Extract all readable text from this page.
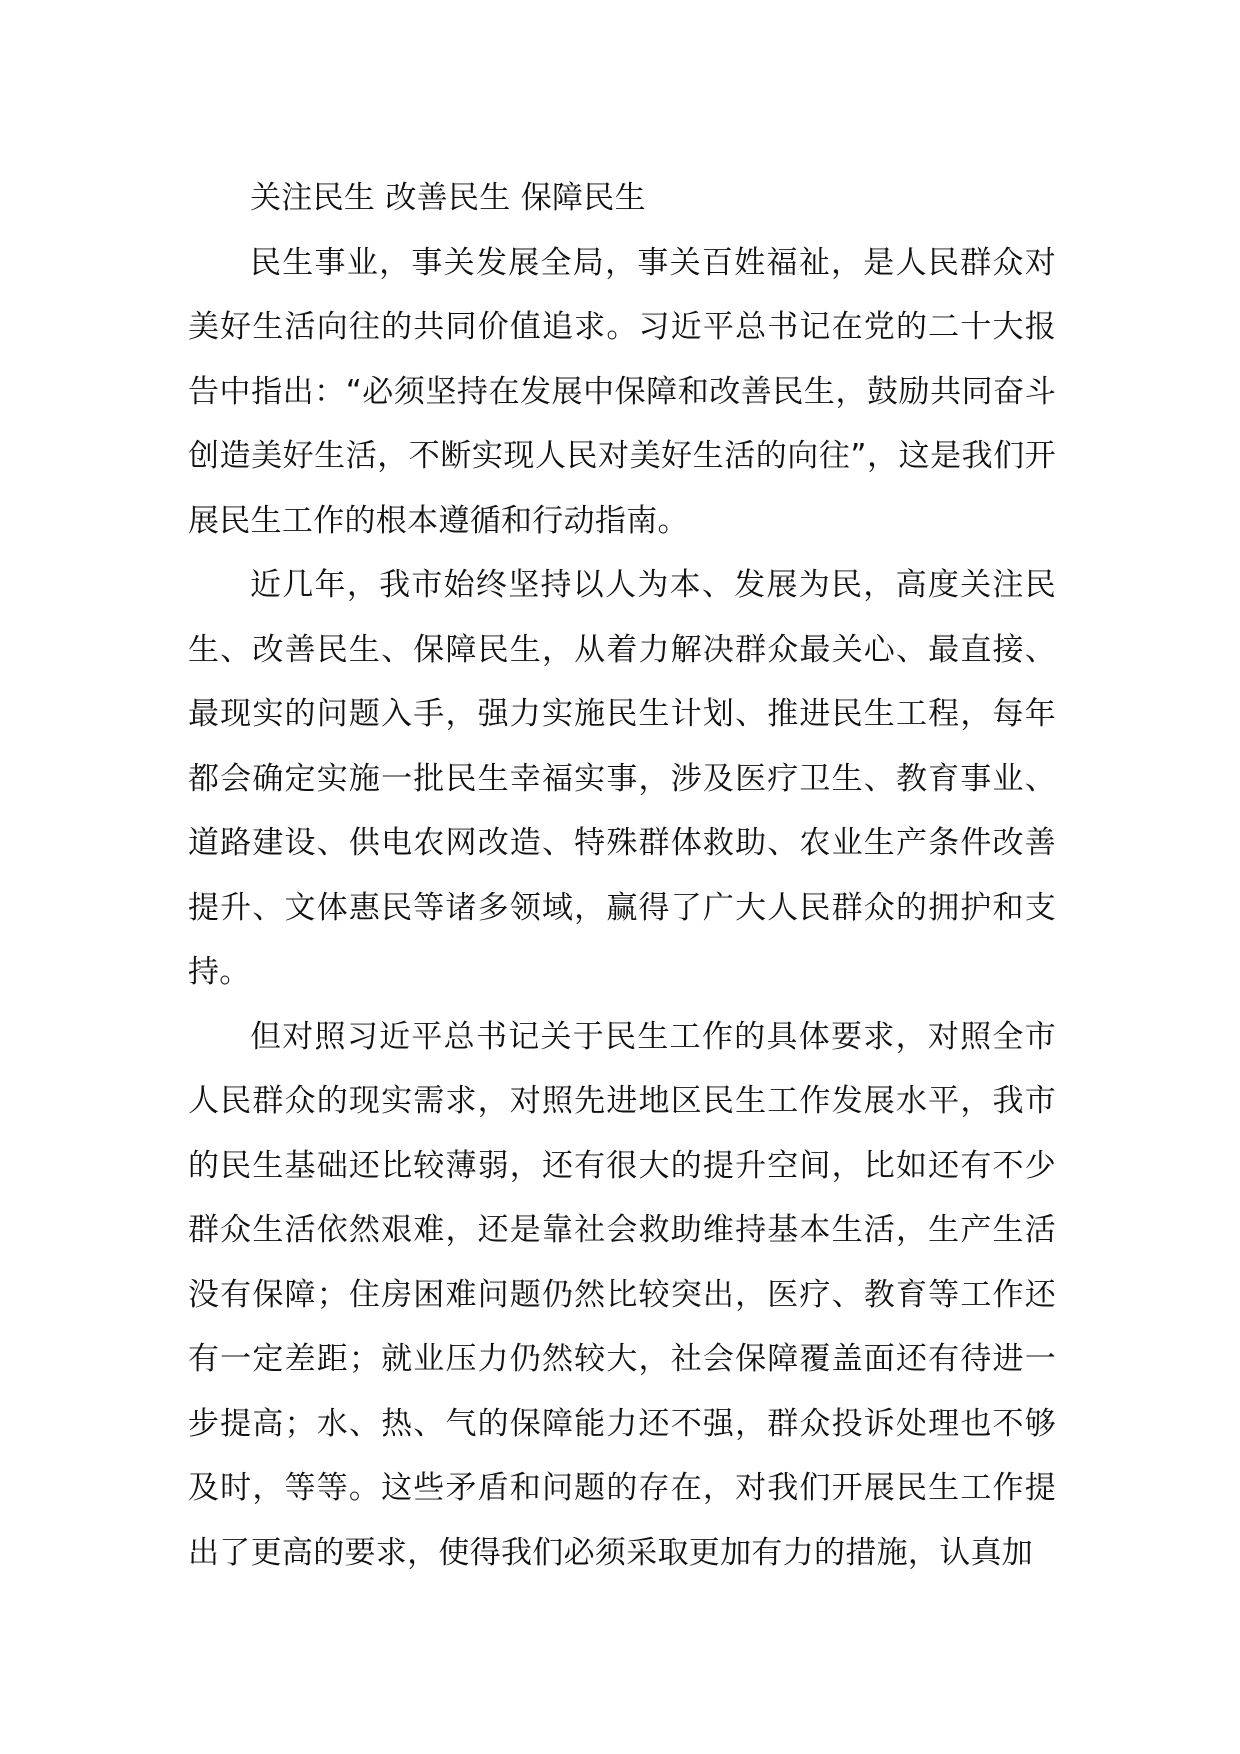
关注民生 改善民生 保障民生

民生事业，事关发展全局，事关百姓福祉，是人民群众对美好生活向往的共同价值追求。习近平总书记在党的二十大报告中指出：“必须坚持在发展中保障和改善民生，鼓励共同奋斗创造美好生活，不断实现人民对美好生活的向往”，这是我们开展民生工作的根本遵循和行动指南。

近几年，我市始终坚持以人为本、发展为民，高度关注民生、改善民生、保障民生，从着力解决群众最关心、最直接、最现实的问题入手，强力实施民生计划、推进民生工程，每年都会确定实施一批民生幸福实事，涉及医疗卫生、教育事业、道路建设、供电农网改造、特殊群体救助、农业生产条件改善提升、文体惠民等诸多领域，赢得了广大人民群众的拥护和支持。

但对照习近平总书记关于民生工作的具体要求，对照全市人民群众的现实需求，对照先进地区民生工作发展水平，我市的民生基础还比较薄弱，还有很大的提升空间，比如还有不少群众生活依然艰难，还是靠社会救助维持基本生活，生产生活没有保障；住房困难问题仍然比较突出，医疗、教育等工作还有一定差距；就业压力仍然较大，社会保障覆盖面还有待进一步提高；水、热、气的保障能力还不强，群众投诉处理也不够及时，等等。这些矛盾和问题的存在，对我们开展民生工作提出了更高的要求，使得我们必须采取更加有力的措施，认真加
